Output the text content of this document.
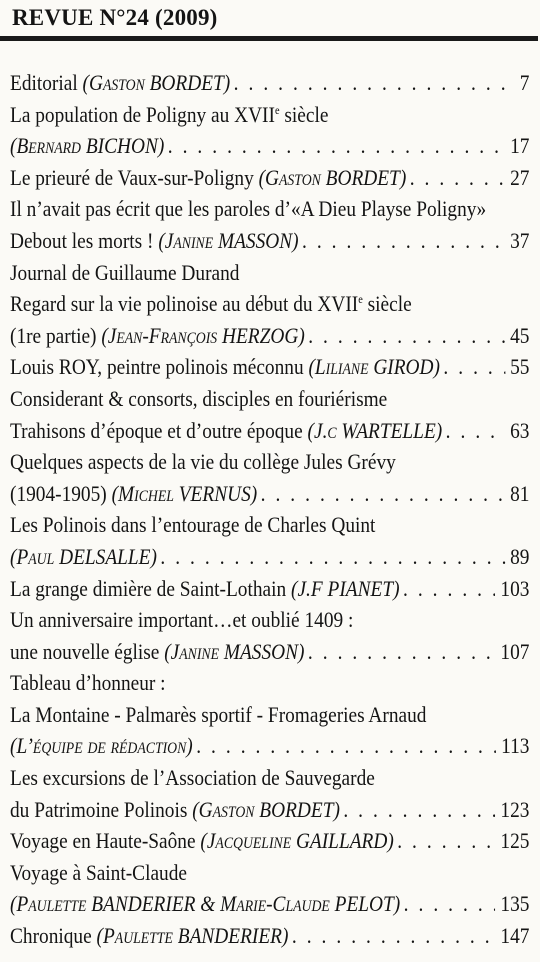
REVUE N°24 (2009)
Editorial (Gaston BORDET) . . .	7
La population de Poligny au XVIIe siècle
(Bernard BICHON) . . .	17
Le prieuré de Vaux-sur-Poligny (Gaston BORDET) . . .	27
Il n’avait pas écrit que les paroles d’«A Dieu Playse Poligny»
Debout les morts ! (Janine MASSON) . . .	37
Journal de Guillaume Durand
Regard sur la vie polinoise au début du XVIIe siècle
(1re partie) (Jean-François HERZOG) . . .	45
Louis ROY, peintre polinois méconnu (Liliane GIROD) . . .	55
Considerant & consorts, disciples en fouriérisme
Trahisons d’époque et d’outre époque (J.c WARTELLE) . . .	63
Quelques aspects de la vie du collège Jules Grévy
(1904-1905) (Michel VERNUS) . . .	81
Les Polinois dans l’entourage de Charles Quint
(Paul DELSALLE) . . .	89
La grange dimière de Saint-Lothain (J.F PIANET) . . .	103
Un anniversaire important…et oublié 1409 :
une nouvelle église (Janine MASSON) . . .	107
Tableau d’honneur :
La Montaine - Palmarès sportif - Fromageries Arnaud
(L’équipe de rédaction) . . .	113
Les excursions de l’Association de Sauvegarde
du Patrimoine Polinois (Gaston BORDET) . . .	123
Voyage en Haute-Saône (Jacqueline GAILLARD) . . .	125
Voyage à Saint-Claude
(Paulette BANDERIER & Marie-Claude PELOT) . . .	135
Chronique (Paulette BANDERIER) . . .	147
